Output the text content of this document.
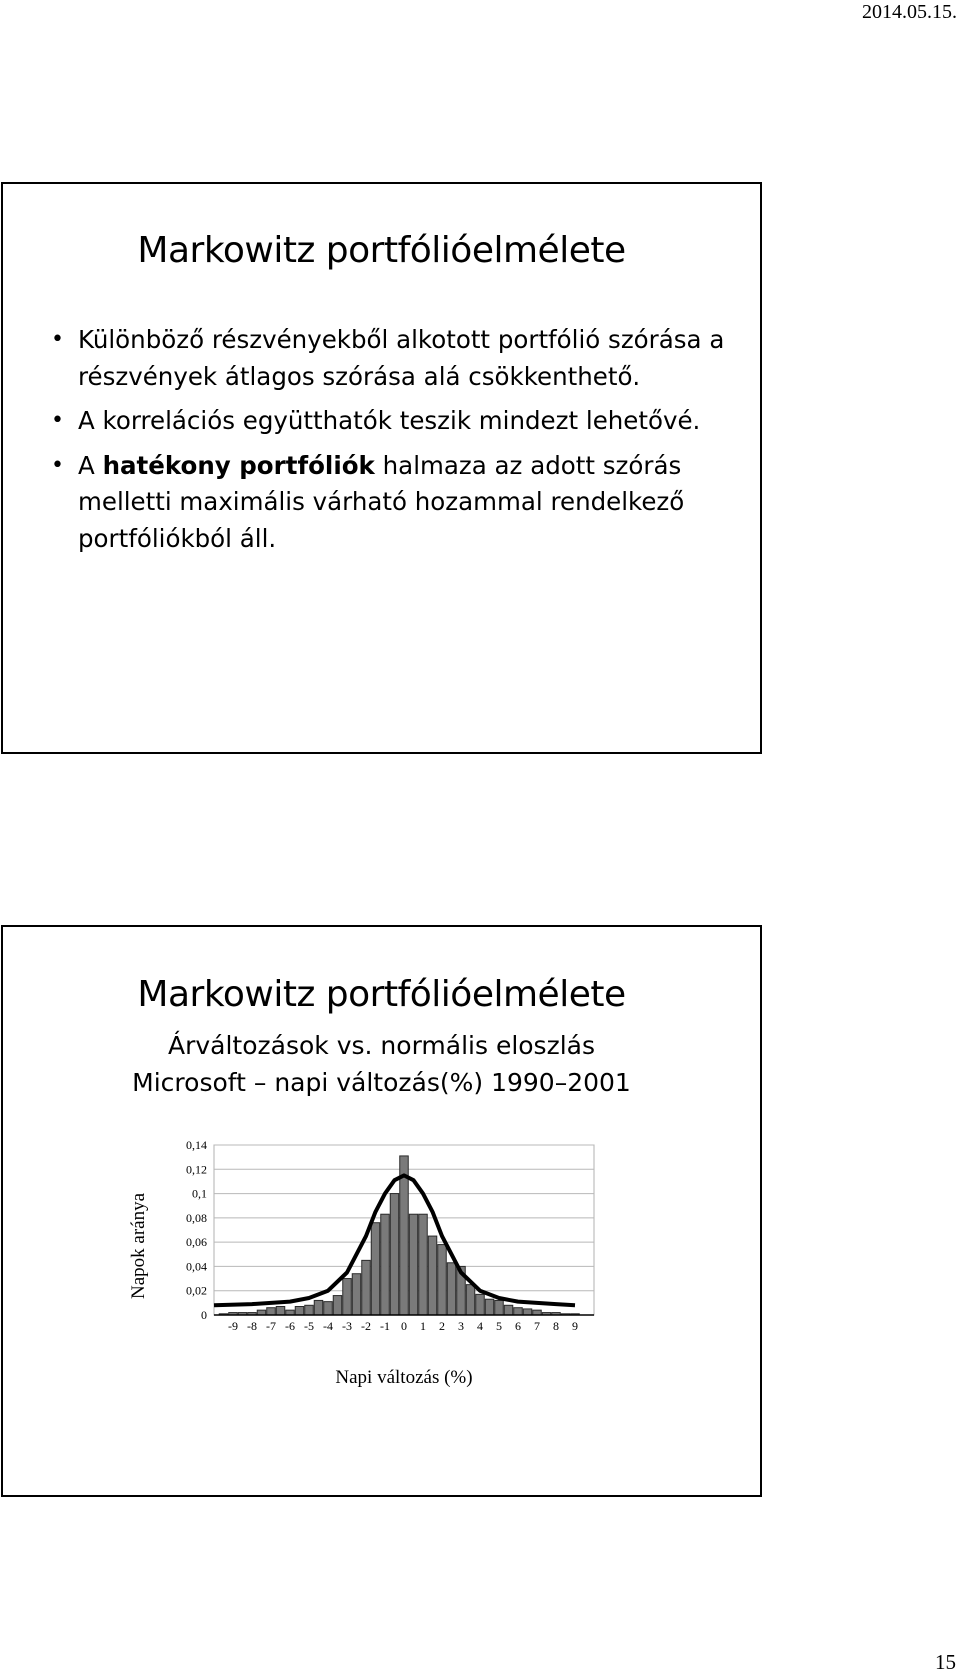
2014.05.15.
Markowitz portfólióelmélete
• Különböző részvényekből alkotott portfólió szórása a részvények átlagos szórása alá csökkenthető.
• A korrelációs együtthatók teszik mindezt lehetővé.
• A hatékony portfóliók halmaza az adott szórás melletti maximális várható hozammal rendelkező portfóliókból áll.
Markowitz portfólióelmélete
Árváltozások vs. normális eloszlás
Microsoft – napi változás(%) 1990–2001
0
0,02
0,04
0,06
0,08
0,1
0,12
0,14
-9 -8 -7 -6 -5 -4 -3 -2 -1 0 1 2 3 4 5 6 7 8 9
Napi változás (%)
Napok aránya
15
